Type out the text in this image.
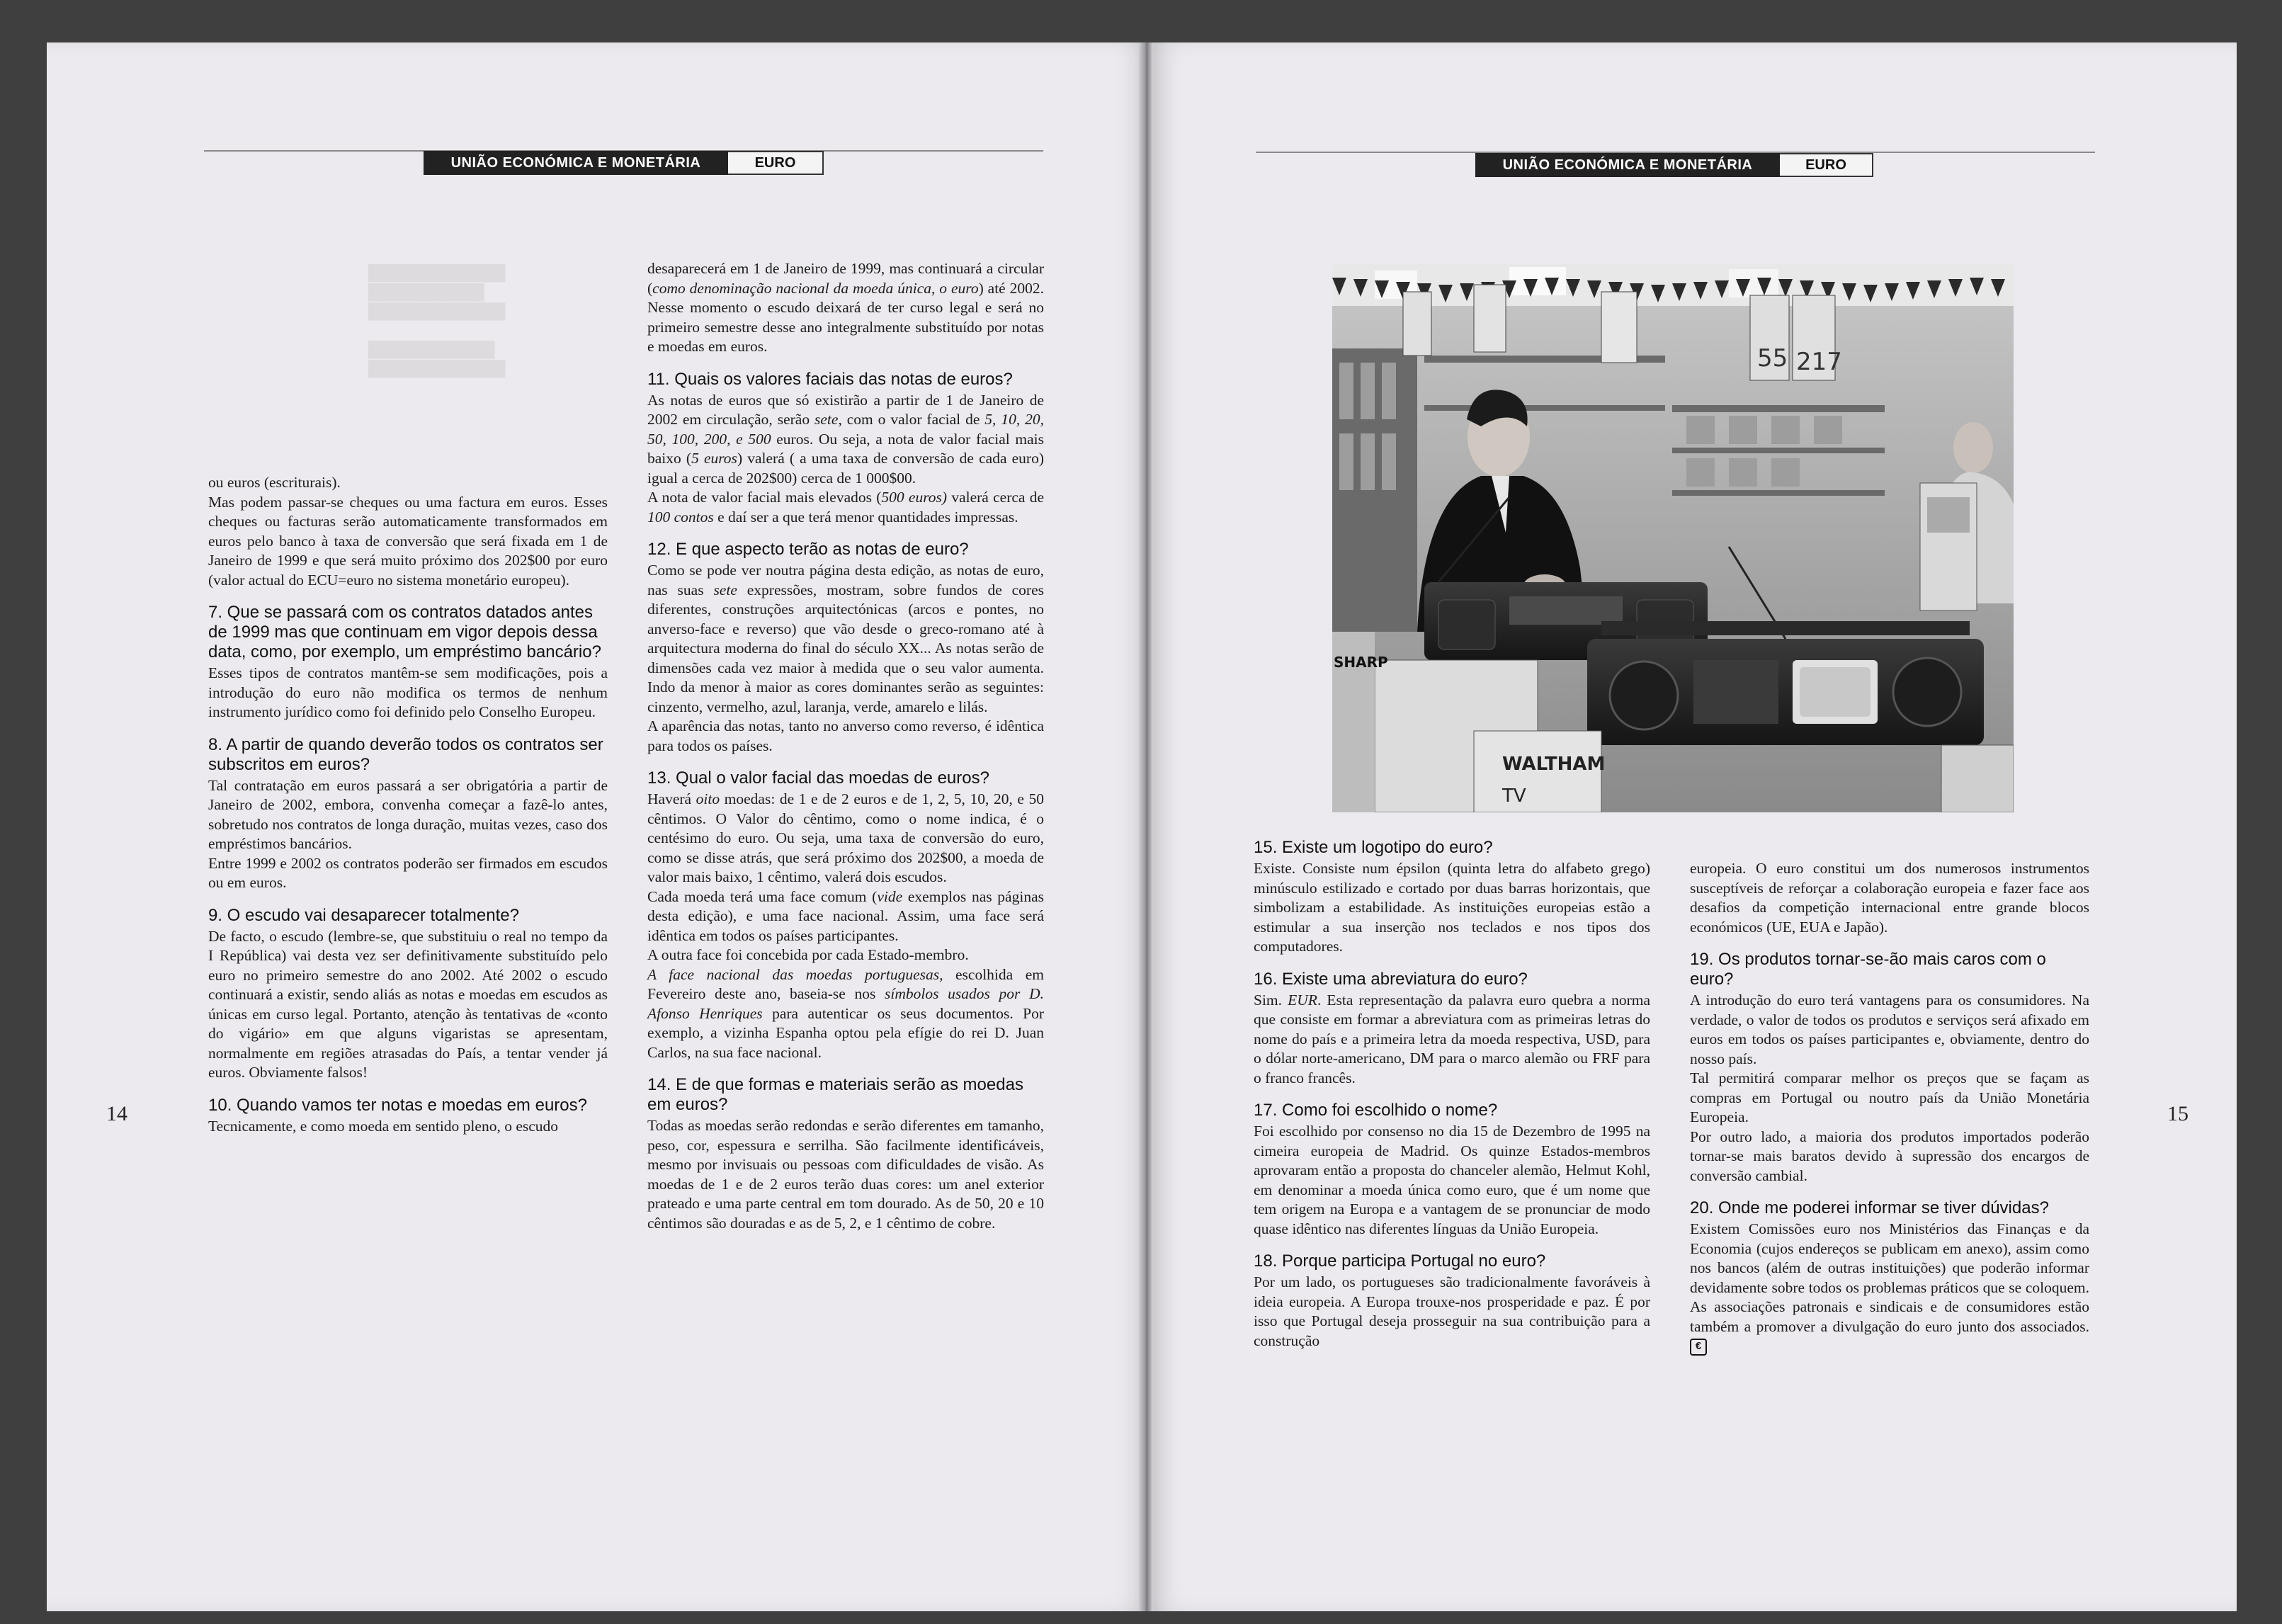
█████████████
███████████
█████████████

████████████
█████████████
UNIÃO ECONÓMICA E MONETÁRIA	EURO	UNIÃO ECONÓMICA E MONETÁRIA	EURO
14	15

ou euros (escriturais).

Mas podem passar-se cheques ou uma factura em euros. Esses cheques ou facturas serão automaticamente transformados em euros pelo banco à taxa de conversão que será fixada em 1 de Janeiro de 1999 e que será muito próximo dos 202$00 por euro (valor actual do ECU=euro no sistema monetário europeu).

7. Que se passará com os contratos datados antes de 1999 mas que continuam em vigor depois dessa data, como, por exemplo, um empréstimo bancário?

Esses tipos de contratos mantêm-se sem modificações, pois a introdução do euro não modifica os termos de nenhum instrumento jurídico como foi definido pelo Conselho Europeu.

8. A partir de quando deverão todos os contratos ser subscritos em euros?

Tal contratação em euros passará a ser obrigatória a partir de Janeiro de 2002, embora, convenha começar a fazê-lo antes, sobretudo nos contratos de longa duração, muitas vezes, caso dos empréstimos bancários.

Entre 1999 e 2002 os contratos poderão ser firmados em escudos ou em euros.

9. O escudo vai desaparecer totalmente?

De facto, o escudo (lembre-se, que substituiu o real no tempo da I República) vai desta vez ser definitivamente substituído pelo euro no primeiro semestre do ano 2002. Até 2002 o escudo continuará a existir, sendo aliás as notas e moedas em escudos as únicas em curso legal. Portanto, atenção às tentativas de «conto do vigário» em que alguns vigaristas se apresentam, normalmente em regiões atrasadas do País, a tentar vender já euros. Obviamente falsos!

10. Quando vamos ter notas e moedas em euros?

Tecnicamente, e como moeda em sentido pleno, o escudo

desaparecerá em 1 de Janeiro de 1999, mas continuará a circular (como denominação nacional da moeda única, o euro) até 2002. Nesse momento o escudo deixará de ter curso legal e será no primeiro semestre desse ano integralmente substituído por notas e moedas em euros.

11. Quais os valores faciais das notas de euros?

As notas de euros que só existirão a partir de 1 de Janeiro de 2002 em circulação, serão sete, com o valor facial de 5, 10, 20, 50, 100, 200, e 500 euros. Ou seja, a nota de valor facial mais baixo (5 euros) valerá ( a uma taxa de conversão de cada euro) igual a cerca de 202$00) cerca de 1 000$00.

A nota de valor facial mais elevados (500 euros) valerá cerca de 100 contos e daí ser a que terá menor quantidades impressas.

12. E que aspecto terão as notas de euro?

Como se pode ver noutra página desta edição, as notas de euro, nas suas sete expressões, mostram, sobre fundos de cores diferentes, construções arquitectónicas (arcos e pontes, no anverso-face e reverso) que vão desde o greco-romano até à arquitectura moderna do final do século XX... As notas serão de dimensões cada vez maior à medida que o seu valor aumenta. Indo da menor à maior as cores dominantes serão as seguintes: cinzento, vermelho, azul, laranja, verde, amarelo e lilás.

A aparência das notas, tanto no anverso como reverso, é idêntica para todos os países.

13. Qual o valor facial das moedas de euros?

Haverá oito moedas: de 1 e de 2 euros e de 1, 2, 5, 10, 20, e 50 cêntimos. O Valor do cêntimo, como o nome indica, é o centésimo do euro. Ou seja, uma taxa de conversão do euro, como se disse atrás, que será próximo dos 202$00, a moeda de valor mais baixo, 1 cêntimo, valerá dois escudos.

Cada moeda terá uma face comum (vide exemplos nas páginas desta edição), e uma face nacional. Assim, uma face será idêntica em todos os países participantes.

A outra face foi concebida por cada Estado-membro.

A face nacional das moedas portuguesas, escolhida em Fevereiro deste ano, baseia-se nos símbolos usados por D. Afonso Henriques para autenticar os seus documentos. Por exemplo, a vizinha Espanha optou pela efígie do rei D. Juan Carlos, na sua face nacional.

14. E de que formas e materiais serão as moedas em euros?

Todas as moedas serão redondas e serão diferentes em tamanho, peso, cor, espessura e serrilha. São facilmente identificáveis, mesmo por invisuais ou pessoas com dificuldades de visão. As moedas de 1 e de 2 euros terão duas cores: um anel exterior prateado e uma parte central em tom dourado. As de 50, 20 e 10 cêntimos são douradas e as de 5, 2, e 1 cêntimo de cobre.

55 217
WALTHAM
TV
SHARP
15. Existe um logotipo do euro?

Existe. Consiste num épsilon (quinta letra do alfabeto grego) minúsculo estilizado e cortado por duas barras horizontais, que simbolizam a estabilidade. As instituições europeias estão a estimular a sua inserção nos teclados e nos tipos dos computadores.

16. Existe uma abreviatura do euro?

Sim. EUR. Esta representação da palavra euro quebra a norma que consiste em formar a abreviatura com as primeiras letras do nome do país e a primeira letra da moeda respectiva, USD, para o dólar norte-americano, DM para o marco alemão ou FRF para o franco francês.

17. Como foi escolhido o nome?

Foi escolhido por consenso no dia 15 de Dezembro de 1995 na cimeira europeia de Madrid. Os quinze Estados-membros aprovaram então a proposta do chanceler alemão, Helmut Kohl, em denominar a moeda única como euro, que é um nome que tem origem na Europa e a vantagem de se pronunciar de modo quase idêntico nas diferentes línguas da União Europeia.

18. Porque participa Portugal no euro?

Por um lado, os portugueses são tradicionalmente favoráveis à ideia europeia. A Europa trouxe-nos prosperidade e paz. É por isso que Portugal deseja prosseguir na sua contribuição para a construção

europeia. O euro constitui um dos numerosos instrumentos susceptíveis de reforçar a colaboração europeia e fazer face aos desafios da competição internacional entre grande blocos económicos (UE, EUA e Japão).

19. Os produtos tornar-se-ão mais caros com o euro?

A introdução do euro terá vantagens para os consumidores. Na verdade, o valor de todos os produtos e serviços será afixado em euros em todos os países participantes e, obviamente, dentro do nosso país.

Tal permitirá comparar melhor os preços que se façam as compras em Portugal ou noutro país da União Monetária Europeia.

Por outro lado, a maioria dos produtos importados poderão tornar-se mais baratos devido à supressão dos encargos de conversão cambial.

20. Onde me poderei informar se tiver dúvidas?

Existem Comissões euro nos Ministérios das Finanças e da Economia (cujos endereços se publicam em anexo), assim como nos bancos (além de outras instituições) que poderão informar devidamente sobre todos os problemas práticos que se coloquem. As associações patronais e sindicais e de consumidores estão também a promover a divulgação do euro junto dos associados. €
